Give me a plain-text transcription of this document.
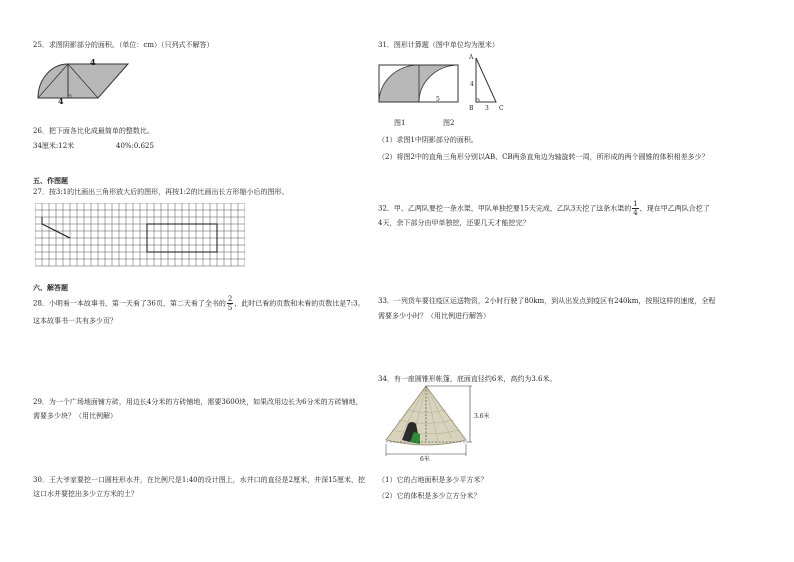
25．求图阴影部分的面积。（单位：cm）（只列式不解答）
4
4
26．把下面各比化成最简单的整数比。
34厘米:12米	40%:0.625
五、作图题
27．按3:1的比画出三角形放大后的图形，再按1:2的比画出长方形缩小后的图形。
六、解答题
28．小明看一本故事书，第一天看了36页，第二天看了全书的 $\frac{2}{5}$ ，此时已看的页数和未看的页数比是7:3。
这本故事书一共有多少页？
29．为一个广场地面铺方砖，用边长4分米的方砖铺地，需要3600块，如果改用边长为6分米的方砖铺地，
需要多少块？（用比例解）
30．王大爷家要挖一口圆柱形水井，在比例尺是1:40的设计图上，水井口的直径是2厘米，井深15厘米，挖
这口水井要挖出多少立方米的土？
31．图形计算题（图中单位均为厘米）
5
A
B	C
4
3
图1	图2
（1）求图1中阴影部分的面积。
（2）将图2中的直角三角形分别以AB、CB两条直角边为轴旋转一周，所形成的两个圆锥的体积相差多少？
32．甲、乙两队要挖一条水渠，甲队单独挖要15天完成，乙队3天挖了这条水渠的 $\frac{1}{4}$ ，现在甲乙两队合挖了
4天，余下部分由甲单独挖，还要几天才能挖完？
33．一列货车要往疫区运送物资，2小时行驶了80km，到从出发点到疫区有240km，按照这样的速度，全程
需要多少小时？（用比例进行解答）
34．有一座圆锥形帐篷，底面直径约6米，高约为3.6米。
3.6米
6米
（1）它的占地面积是多少平方米？
（2）它的体积是多少立方分米？
